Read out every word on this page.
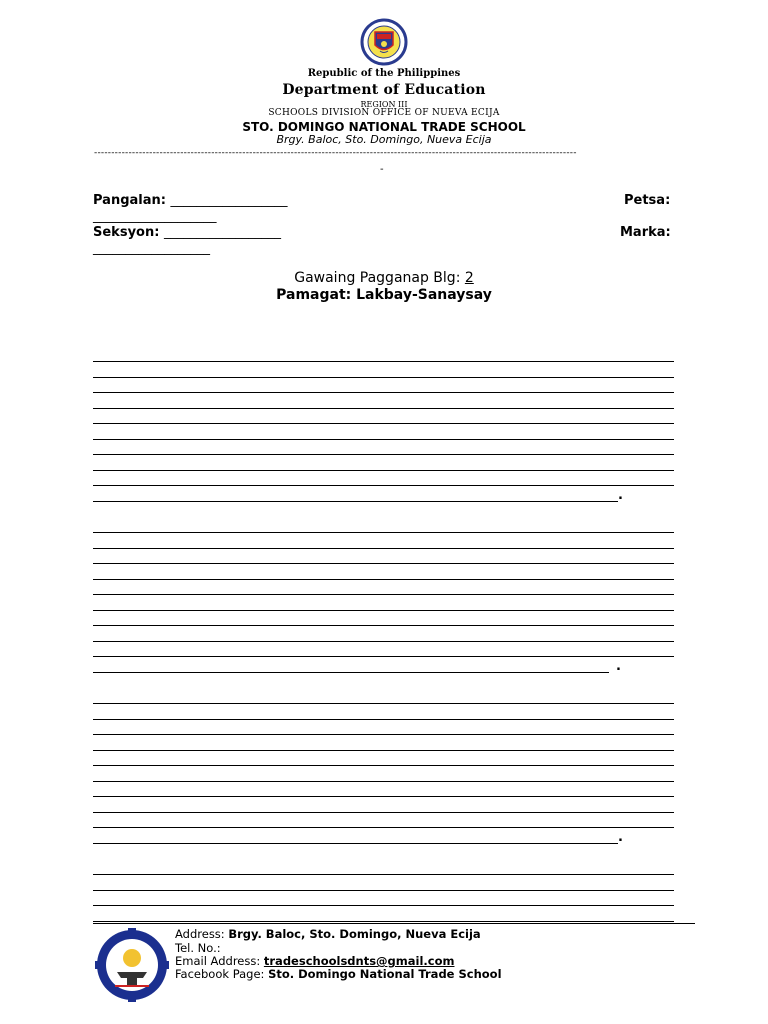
Republic of the Philippines
Department of Education
REGION III
SCHOOLS DIVISION OFFICE OF NUEVA ECIJA
STO. DOMINGO NATIONAL TRADE SCHOOL
Brgy. Baloc, Sto. Domingo, Nueva Ecija
--------------------------------------------------------------------------------------------------------------------------------------------
-
Pangalan: __________________	Petsa:
___________________
Seksyon: __________________	Marka:
__________________
Gawaing Pagganap Blg: 2
Pamagat: Lakbay-Sanaysay
.
.
.
Address: Brgy. Baloc, Sto. Domingo, Nueva Ecija
Tel. No.:
Email Address: tradeschoolsdnts@gmail.com
Facebook Page: Sto. Domingo National Trade School
